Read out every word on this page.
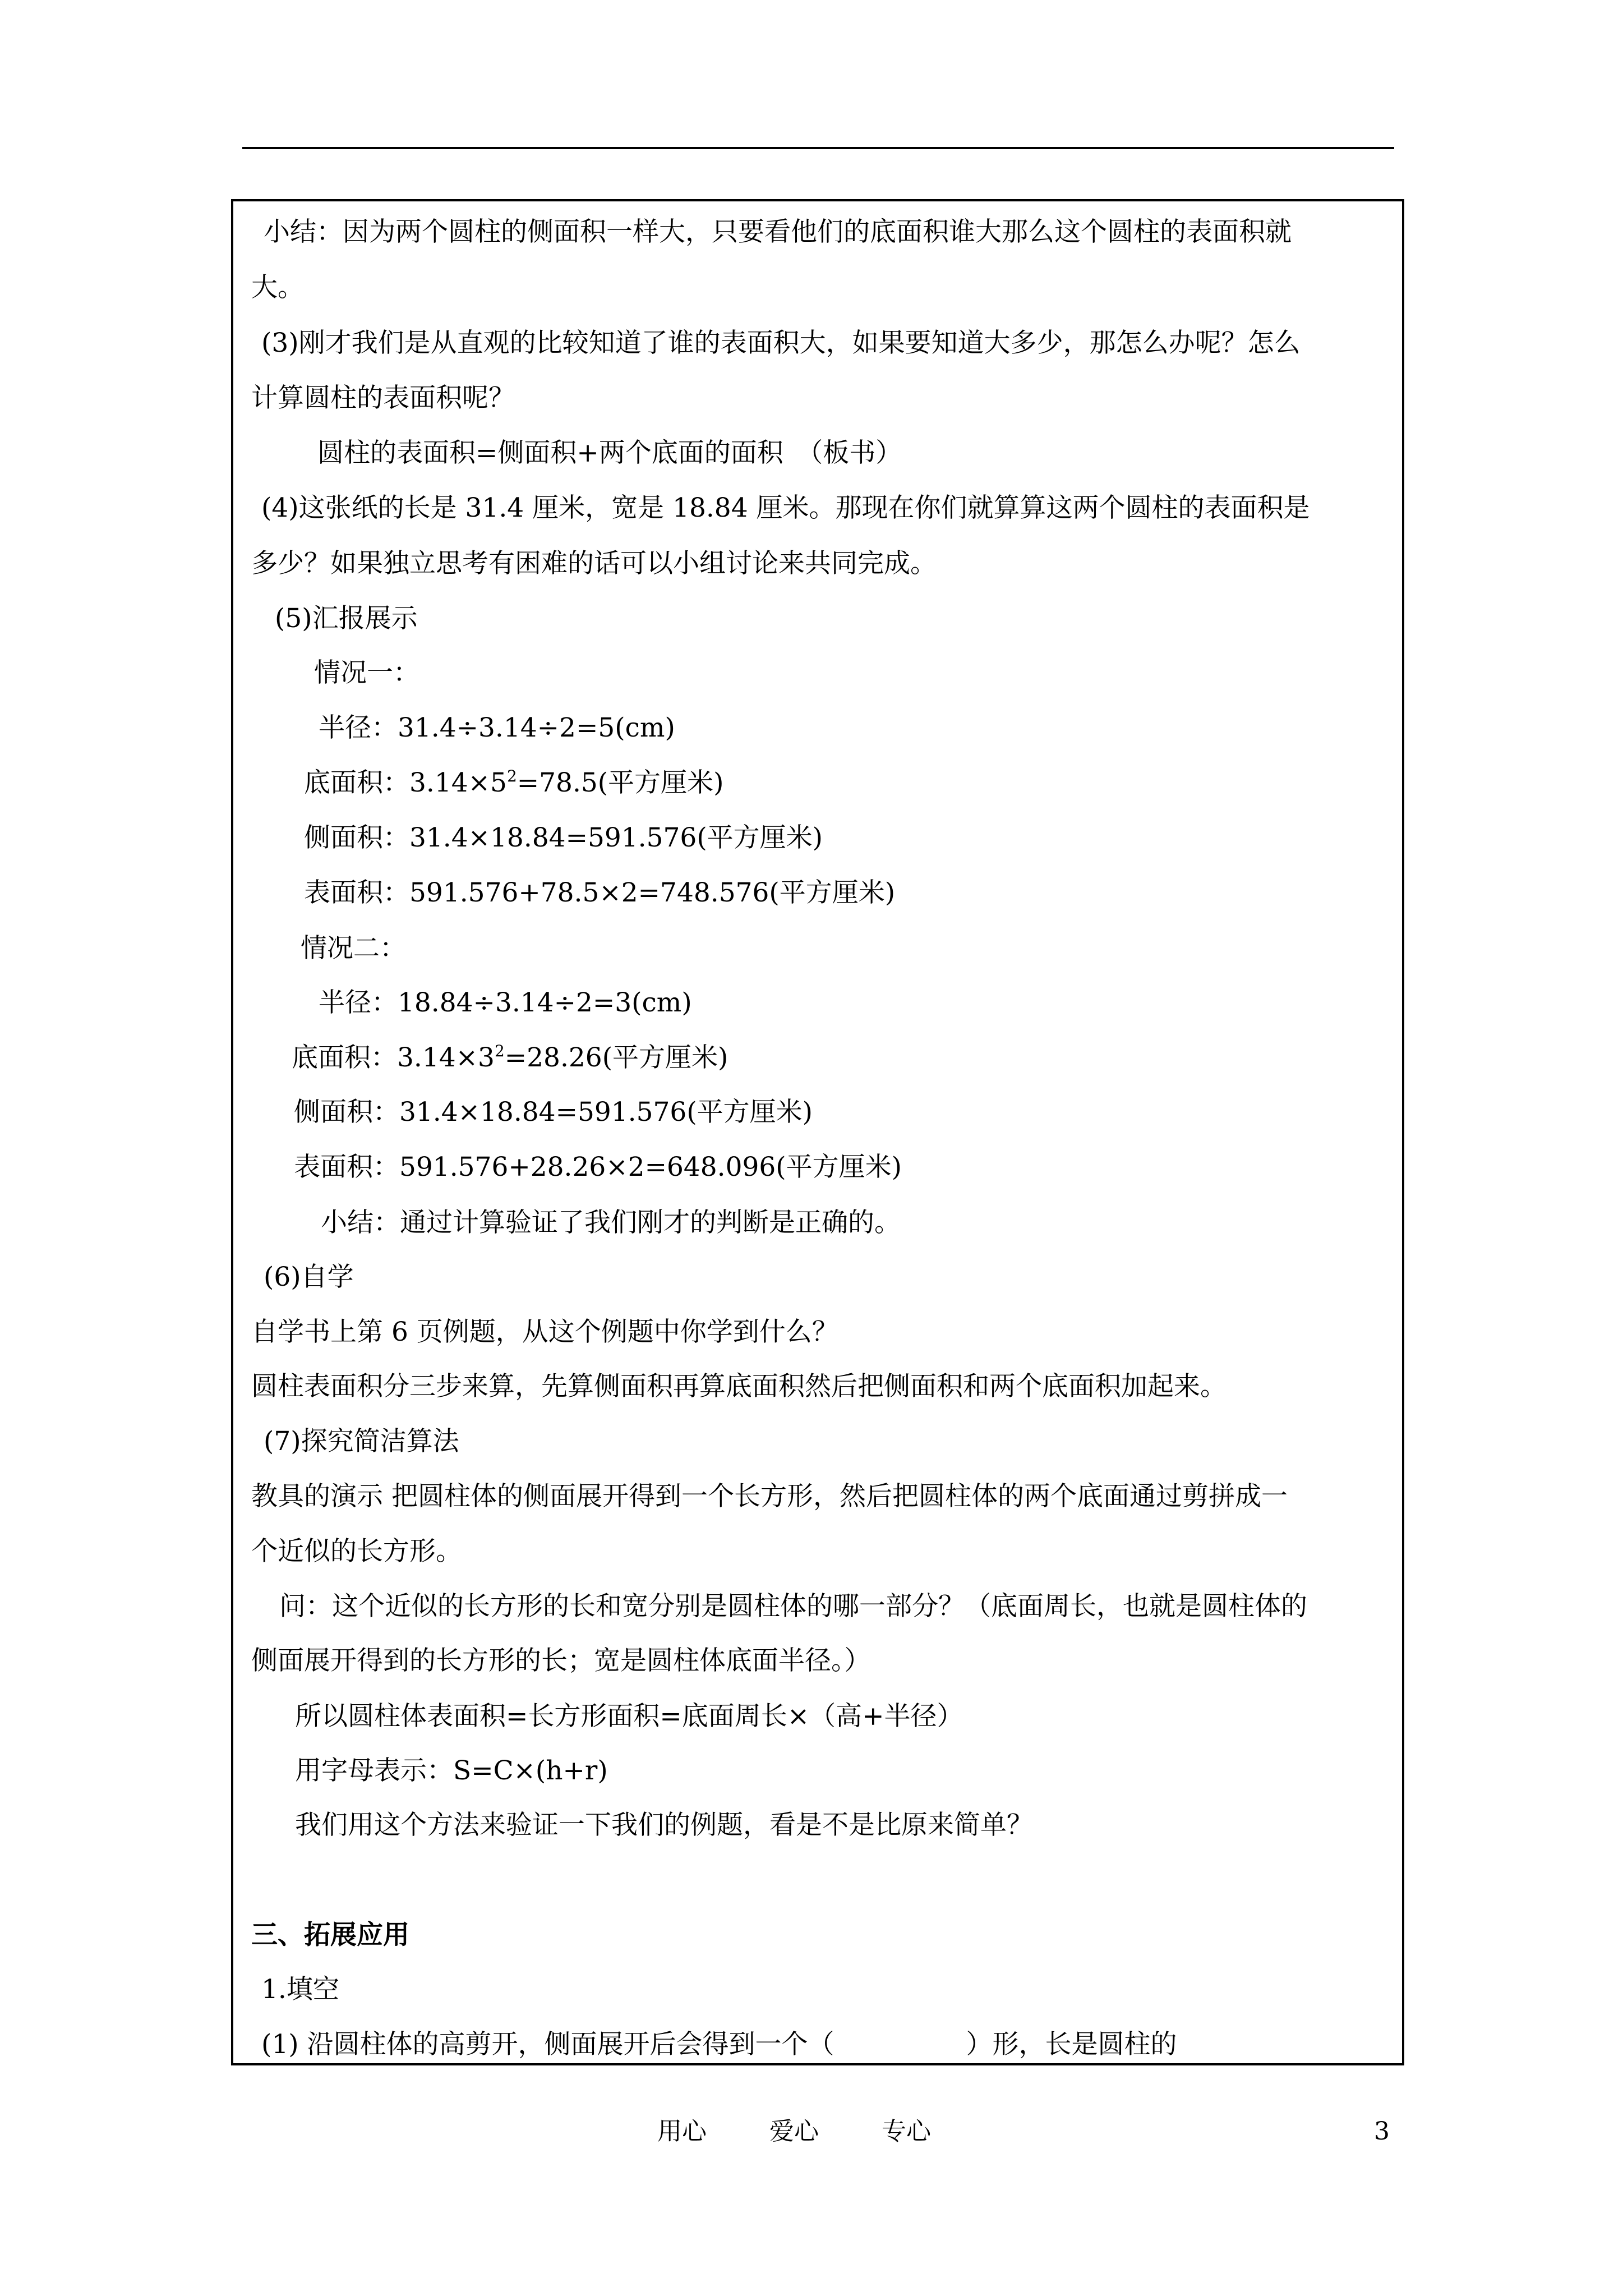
小结：因为两个圆柱的侧面积一样大，只要看他们的底面积谁大那么这个圆柱的表面积就
大。
(3)刚才我们是从直观的比较知道了谁的表面积大，如果要知道大多少，那怎么办呢？怎么
计算圆柱的表面积呢？
圆柱的表面积=侧面积+两个底面的面积　（板书）
(4)这张纸的长是 31.4 厘米，宽是 18.84 厘米。那现在你们就算算这两个圆柱的表面积是
多少？如果独立思考有困难的话可以小组讨论来共同完成。
(5)汇报展示
情况一：
半径：31.4÷3.14÷2=5(cm)
底面积：$3.14\times 5^2=78.5$(平方厘米)
侧面积：31.4×18.84=591.576(平方厘米)
表面积：591.576+78.5×2=748.576(平方厘米)
情况二：
半径：18.84÷3.14÷2=3(cm)
底面积：$3.14\times 3^2=28.26$(平方厘米)
侧面积：31.4×18.84=591.576(平方厘米)
表面积：591.576+28.26×2=648.096(平方厘米)
小结：通过计算验证了我们刚才的判断是正确的。
(6)自学
自学书上第 6 页例题，从这个例题中你学到什么？
圆柱表面积分三步来算，先算侧面积再算底面积然后把侧面积和两个底面积加起来。
(7)探究简洁算法
教具的演示 把圆柱体的侧面展开得到一个长方形，然后把圆柱体的两个底面通过剪拼成一
个近似的长方形。
问：这个近似的长方形的长和宽分别是圆柱体的哪一部分？（底面周长，也就是圆柱体的
侧面展开得到的长方形的长；宽是圆柱体底面半径。）
所以圆柱体表面积=长方形面积=底面周长×（高+半径）
用字母表示：S=C×(h+r)
我们用这个方法来验证一下我们的例题，看是不是比原来简单？
三、拓展应用
1.填空
(1) 沿圆柱体的高剪开，侧面展开后会得到一个（　　　　　）形，长是圆柱的
用心	爱心	专心	3
